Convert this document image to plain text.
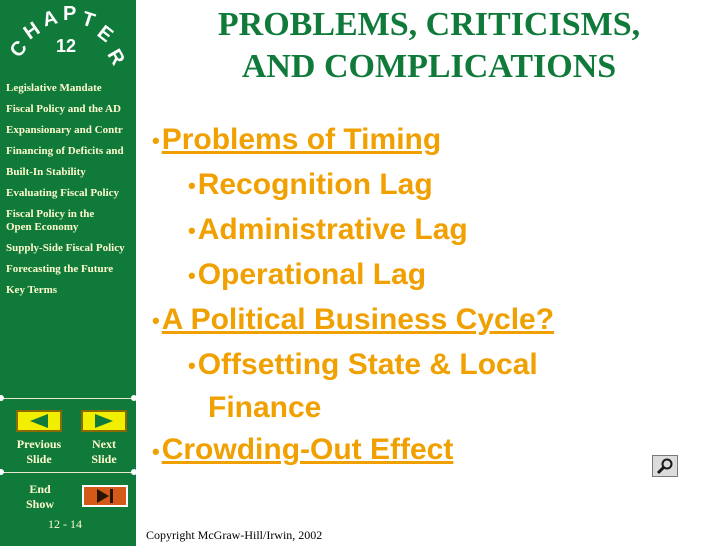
C
H
A P T
E
R
12
Legislative Mandate
Fiscal Policy and the AD
Expansionary and Contr
Financing of Deficits and
Built-In Stability
Evaluating Fiscal Policy
Fiscal Policy in the
Open Economy
Supply-Side Fiscal Policy
Forecasting the Future
Key Terms
Previous
Slide
Next
Slide
End
Show
12 - 14
PROBLEMS, CRITICISMS,
AND COMPLICATIONS
•Problems of Timing
•Recognition Lag
•Administrative Lag
•Operational Lag
•A Political Business Cycle?
•Offsetting State & Local
Finance
•Crowding-Out Effect
Copyright McGraw-Hill/Irwin, 2002
